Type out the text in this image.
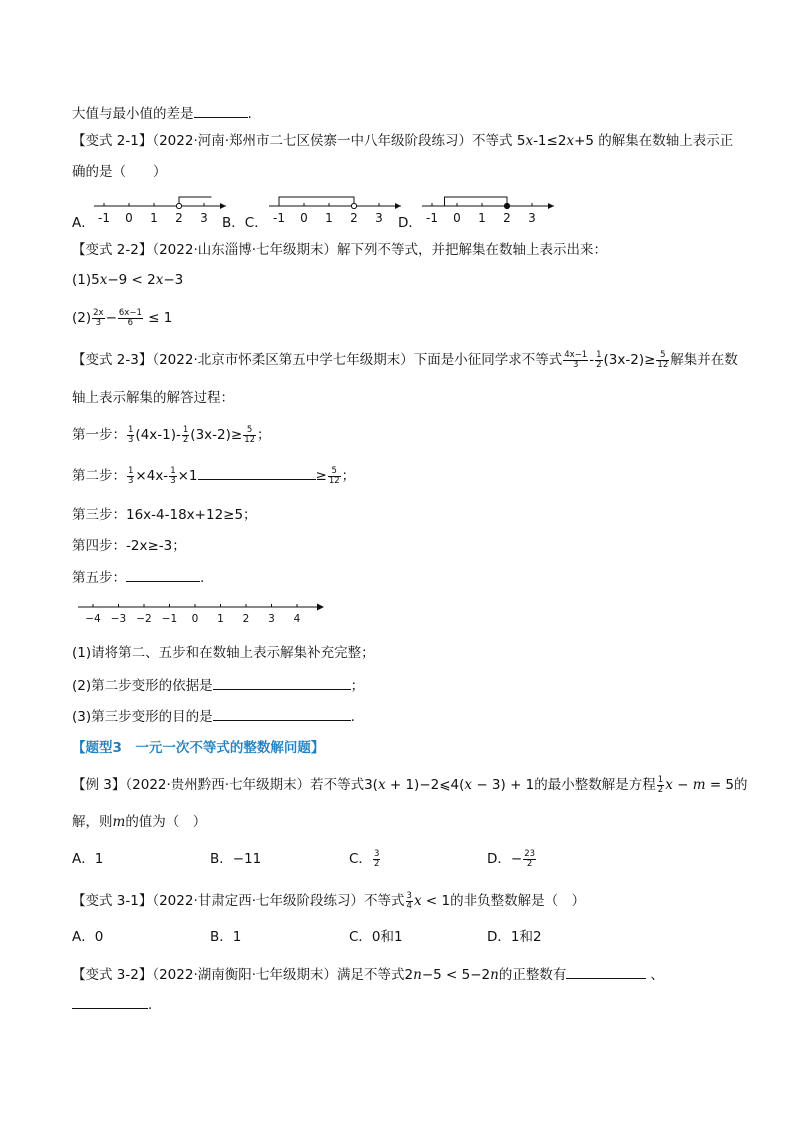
大值与最小值的差是	.
【变式 2-1】（2022·河南·郑州市二七区侯寨一中八年级阶段练习）不等式 5x-1≤2x+5 的解集在数轴上表示正
确的是（　　）
A．	B．C．	D．
-1 0 1 2 3	-1 0 1 2 3	-1 0 1 2 3
【变式 2-2】（2022·山东淄博·七年级期末）解下列不等式，并把解集在数轴上表示出来：
(1)5x−9 < 2x−3
$(2) \frac{2x}{3} - \frac{6x-1}{6} \le 1$
【变式 2-3】（2022·北京市怀柔区第五中学七年级期末）下面是小征同学求不等式 $\frac{4x-1}{3} - \frac{1}{2} (3x-2)\ge \frac{5}{12}$ 解集并在数
轴上表示解集的解答过程：
第一步： $\frac{1}{3} (4x-1)- \frac{1}{2} (3x-2)\ge \frac{5}{12}$ ；
第二步： $\frac{1}{3} \times 4x- \frac{1}{3} \times 1$	≥ $\frac{5}{12}$ ；
第三步：16x-4-18x+12≥5；
第四步：-2x≥-3；
第五步：	.
−4 −3 −2 −1 0 1 2 3 4
(1)请将第二、五步和在数轴上表示解集补充完整；
(2)第二步变形的依据是	；
(3)第三步变形的目的是	.
【题型3　一元一次不等式的整数解问题】
【例 3】（2022·贵州黔西·七年级期末）若不等式3(x + 1)−2⩽4(x − 3) + 1的最小整数解是方程 $\frac{1}{2}$ x − m = 5的
解，则m的值为（　）
A．1	B．−11	C． $\frac{3}{2}$	D．− $\frac{23}{2}$
【变式 3-1】（2022·甘肃定西·七年级阶段练习）不等式 $\frac{3}{4}$ x < 1的非负整数解是（　）
A．0	B．1	C．0和1	D．1和2
【变式 3-2】（2022·湖南衡阳·七年级期末）满足不等式2n−5 < 5−2n的正整数有	、
.
